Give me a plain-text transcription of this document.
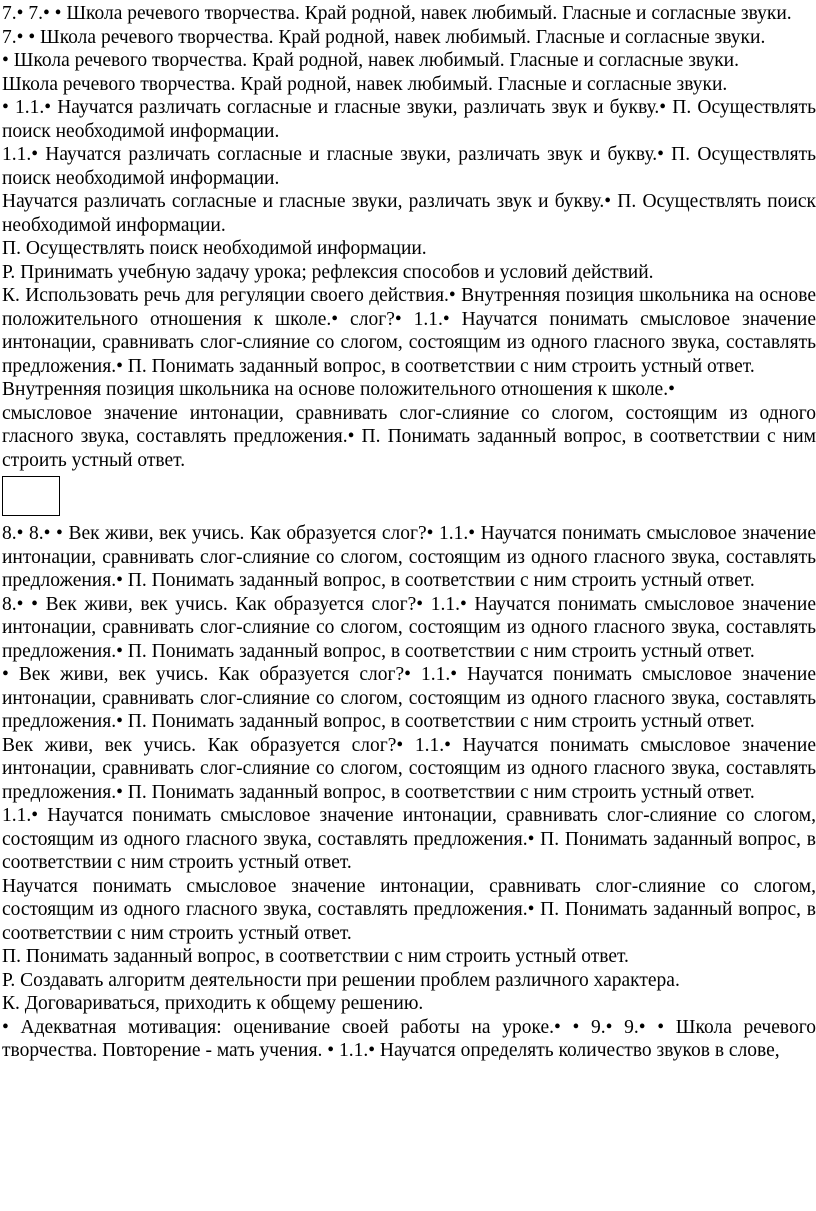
7.• 7.• • Школа речевого творчества. Край родной, навек любимый. Гласные и согласные звуки.

7.• • Школа речевого творчества. Край родной, навек любимый. Гласные и согласные звуки.

• Школа речевого творчества. Край родной, навек любимый. Гласные и согласные звуки.

Школа речевого творчества. Край родной, навек любимый. Гласные и согласные звуки.

• 1.1.• Научатся различать согласные и гласные звуки, различать звук и букву.• П. Осуществлять поиск необходимой информации.

1.1.• Научатся различать согласные и гласные звуки, различать звук и букву.• П. Осуществлять поиск необходимой информации.

Научатся различать согласные и гласные звуки, различать звук и букву.• П. Осуществлять поиск необходимой информации.

П. Осуществлять поиск необходимой информации.

Р. Принимать учебную задачу урока; рефлексия способов и условий действий.

К. Использовать речь для регуляции своего действия.• Внутренняя позиция школьника на основе положительного отношения к школе.• слог?• 1.1.• Научатся понимать смысловое значение интонации, сравнивать слог-слияние со слогом, состоящим из одного гласного звука, составлять предложения.• П. Понимать заданный вопрос, в соответствии с ним строить устный ответ.

Внутренняя позиция школьника на основе положительного отношения к школе.•

смысловое значение интонации, сравнивать слог-слияние со слогом, состоящим из одного гласного звука, составлять предложения.• П. Понимать заданный вопрос, в соответствии с ним строить устный ответ.

8.• 8.• • Век живи, век учись. Как образуется слог?• 1.1.• Научатся понимать смысловое значение интонации, сравнивать слог-слияние со слогом, состоящим из одного гласного звука, составлять предложения.• П. Понимать заданный вопрос, в соответствии с ним строить устный ответ.

8.• • Век живи, век учись. Как образуется слог?• 1.1.• Научатся понимать смысловое значение интонации, сравнивать слог-слияние со слогом, состоящим из одного гласного звука, составлять предложения.• П. Понимать заданный вопрос, в соответствии с ним строить устный ответ.

• Век живи, век учись. Как образуется слог?• 1.1.• Научатся понимать смысловое значение интонации, сравнивать слог-слияние со слогом, состоящим из одного гласного звука, составлять предложения.• П. Понимать заданный вопрос, в соответствии с ним строить устный ответ.

Век живи, век учись. Как образуется слог?• 1.1.• Научатся понимать смысловое значение интонации, сравнивать слог-слияние со слогом, состоящим из одного гласного звука, составлять предложения.• П. Понимать заданный вопрос, в соответствии с ним строить устный ответ.

1.1.• Научатся понимать смысловое значение интонации, сравнивать слог-слияние со слогом, состоящим из одного гласного звука, составлять предложения.• П. Понимать заданный вопрос, в соответствии с ним строить устный ответ.

Научатся понимать смысловое значение интонации, сравнивать слог-слияние со слогом, состоящим из одного гласного звука, составлять предложения.• П. Понимать заданный вопрос, в соответствии с ним строить устный ответ.

П. Понимать заданный вопрос, в соответствии с ним строить устный ответ.

Р. Создавать алгоритм деятельности при решении проблем различного характера.

К. Договариваться, приходить к общему решению.

• Адекватная мотивация: оценивание своей работы на уроке.• • 9.• 9.• • Школа речевого творчества. Повторение - мать учения. • 1.1.• Научатся определять количество звуков в слове,
